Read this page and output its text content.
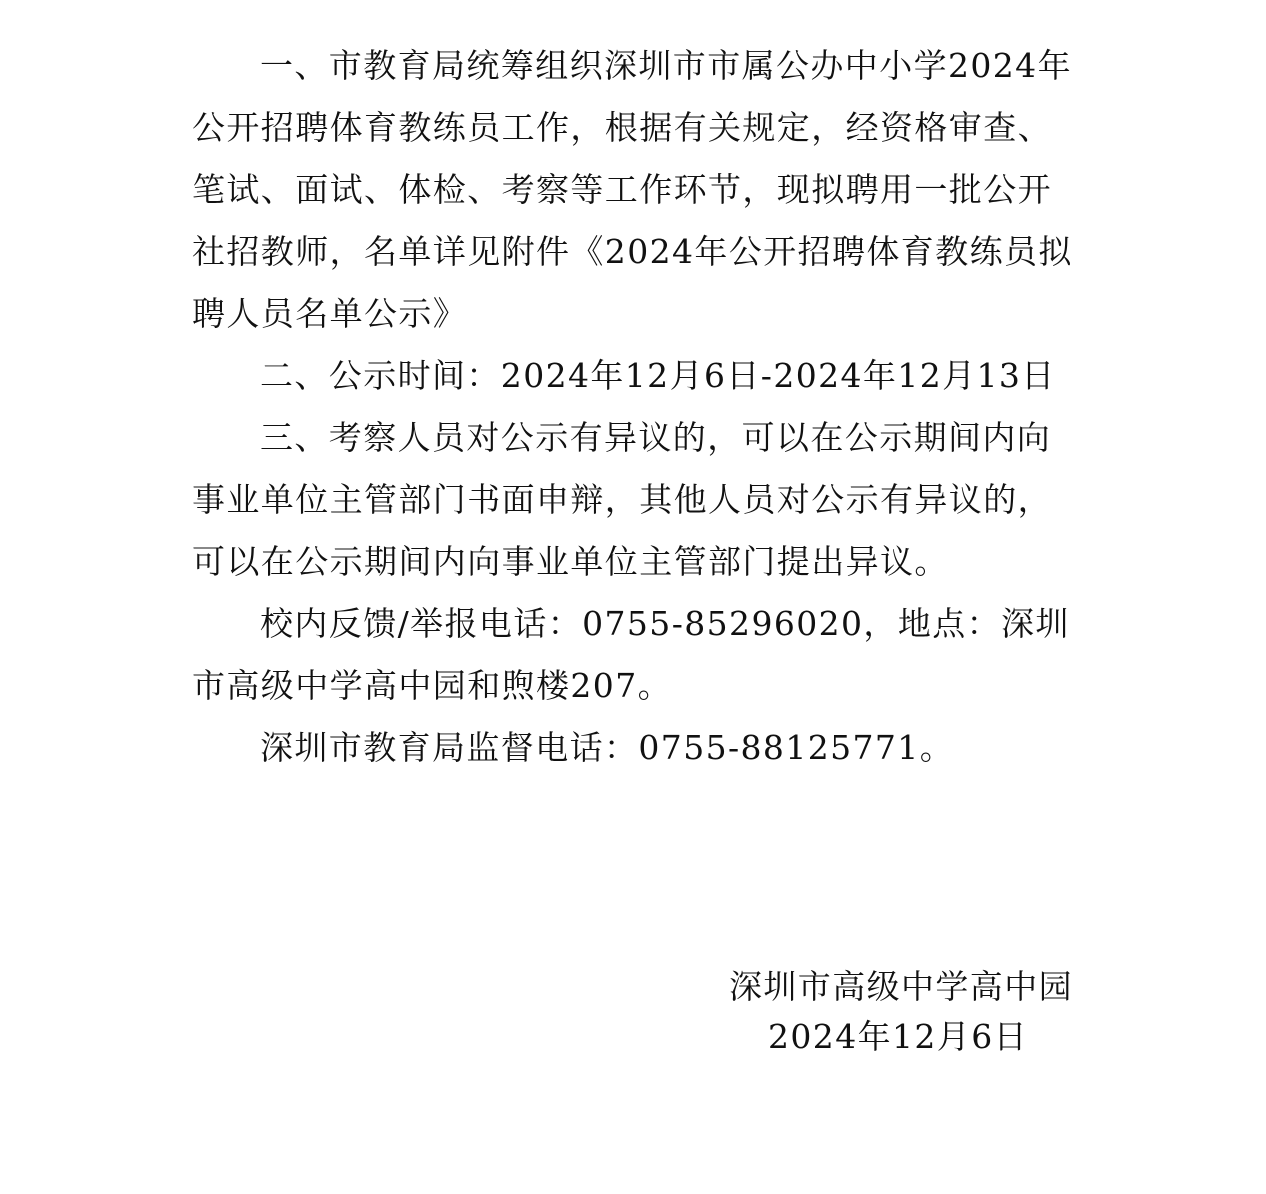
一、市教育局统筹组织深圳市市属公办中小学2024年公开招聘体育教练员工作，根据有关规定，经资格审查、笔试、面试、体检、考察等工作环节，现拟聘用一批公开社招教师，名单详见附件《2024年公开招聘体育教练员拟聘人员名单公示》

二、公示时间：2024年12月6日-2024年12月13日

三、考察人员对公示有异议的，可以在公示期间内向事业单位主管部门书面申辩，其他人员对公示有异议的，可以在公示期间内向事业单位主管部门提出异议。

校内反馈/举报电话：0755-85296020，地点：深圳市高级中学高中园和煦楼207。

深圳市教育局监督电话：0755-88125771。

深圳市高级中学高中园
2024年12月6日
